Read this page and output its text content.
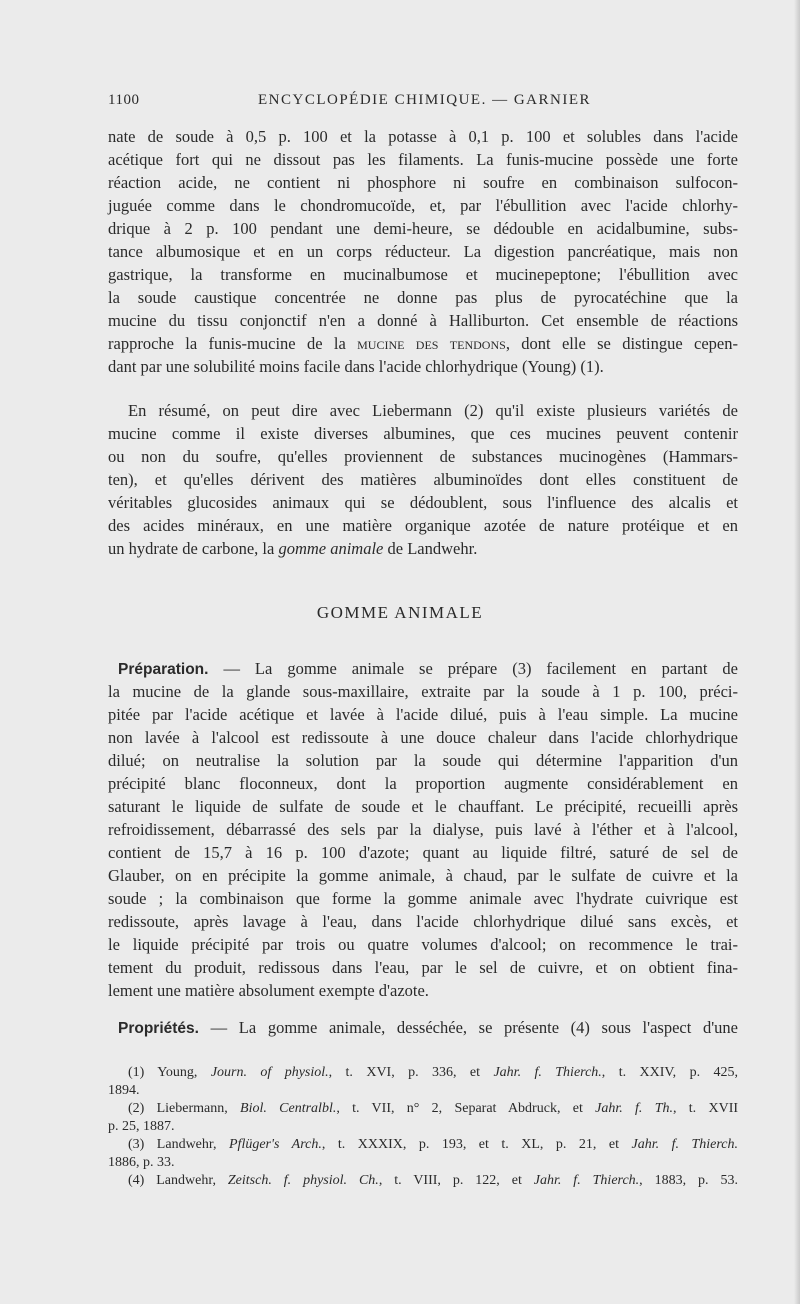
1100	ENCYCLOPÉDIE CHIMIQUE. — GARNIER
nate de soude à 0,5 p. 100 et la potasse à 0,1 p. 100 et solubles dans l'acide
acétique fort qui ne dissout pas les filaments. La funis-mucine possède une forte
réaction acide, ne contient ni phosphore ni soufre en combinaison sulfocon-
juguée comme dans le chondromucoïde, et, par l'ébullition avec l'acide chlorhy-
drique à 2 p. 100 pendant une demi-heure, se dédouble en acidalbumine, subs-
tance albumosique et en un corps réducteur. La digestion pancréatique, mais non
gastrique, la transforme en mucinalbumose et mucinepeptone; l'ébullition avec
la soude caustique concentrée ne donne pas plus de pyrocatéchine que la
mucine du tissu conjonctif n'en a donné à Halliburton. Cet ensemble de réactions
rapproche la funis-mucine de la mucine des tendons, dont elle se distingue cepen-
dant par une solubilité moins facile dans l'acide chlorhydrique (Young) (1).
En résumé, on peut dire avec Liebermann (2) qu'il existe plusieurs variétés de
mucine comme il existe diverses albumines, que ces mucines peuvent contenir
ou non du soufre, qu'elles proviennent de substances mucinogènes (Hammars-
ten), et qu'elles dérivent des matières albuminoïdes dont elles constituent de
véritables glucosides animaux qui se dédoublent, sous l'influence des alcalis et
des acides minéraux, en une matière organique azotée de nature protéique et en
un hydrate de carbone, la gomme animale de Landwehr.
GOMME ANIMALE
Préparation. — La gomme animale se prépare (3) facilement en partant de
la mucine de la glande sous-maxillaire, extraite par la soude à 1 p. 100, préci-
pitée par l'acide acétique et lavée à l'acide dilué, puis à l'eau simple. La mucine
non lavée à l'alcool est redissoute à une douce chaleur dans l'acide chlorhydrique
dilué; on neutralise la solution par la soude qui détermine l'apparition d'un
précipité blanc floconneux, dont la proportion augmente considérablement en
saturant le liquide de sulfate de soude et le chauffant. Le précipité, recueilli après
refroidissement, débarrassé des sels par la dialyse, puis lavé à l'éther et à l'alcool,
contient de 15,7 à 16 p. 100 d'azote; quant au liquide filtré, saturé de sel de
Glauber, on en précipite la gomme animale, à chaud, par le sulfate de cuivre et la
soude ; la combinaison que forme la gomme animale avec l'hydrate cuivrique est
redissoute, après lavage à l'eau, dans l'acide chlorhydrique dilué sans excès, et
le liquide précipité par trois ou quatre volumes d'alcool; on recommence le trai-
tement du produit, redissous dans l'eau, par le sel de cuivre, et on obtient fina-
lement une matière absolument exempte d'azote.
Propriétés. — La gomme animale, desséchée, se présente (4) sous l'aspect d'une
(1) Young, Journ. of physiol., t. XVI, p. 336, et Jahr. f. Thierch., t. XXIV, p. 425,
1894.
(2) Liebermann, Biol. Centralbl., t. VII, n° 2, Separat Abdruck, et Jahr. f. Th., t. XVII
p. 25, 1887.
(3) Landwehr, Pflüger's Arch., t. XXXIX, p. 193, et t. XL, p. 21, et Jahr. f. Thierch.
1886, p. 33.
(4) Landwehr, Zeitsch. f. physiol. Ch., t. VIII, p. 122, et Jahr. f. Thierch., 1883, p. 53.
